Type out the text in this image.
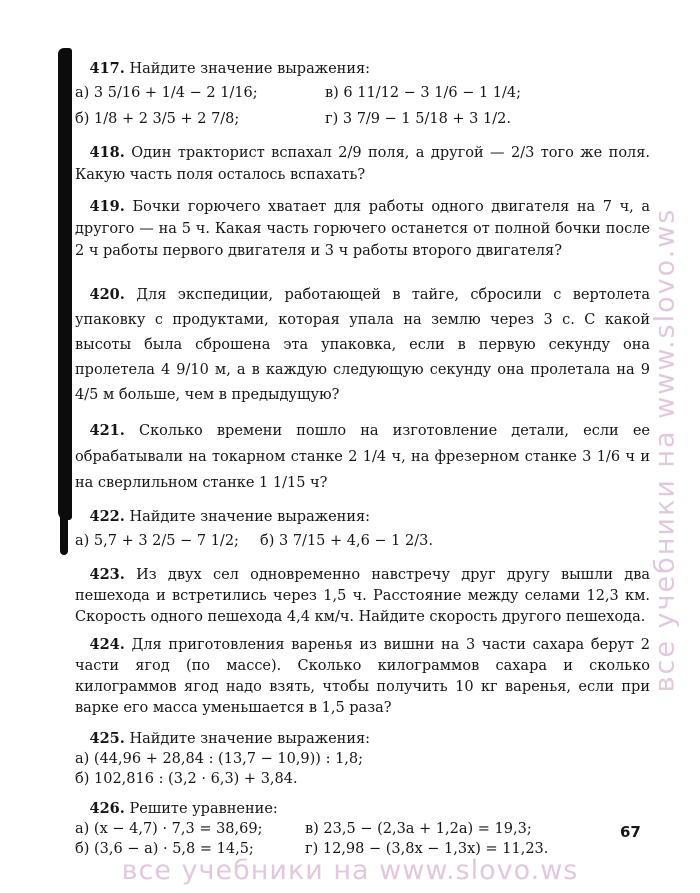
 417. Найдите значение выражения:

а) 3 5/16 + 1/4 − 2 1/16;	в) 6 11/12 − 3 1/6 − 1 1/4;
б) 1/8 + 2 3/5 + 2 7/8;	г) 3 7/9 − 1 5/18 + 3 1/2.

 418. Один тракторист вспахал 2/9 поля, а другой — 2/3 того же поля. Какую часть поля осталось вспахать?

 419. Бочки горючего хватает для работы одного двигателя на 7 ч, а другого — на 5 ч. Какая часть горючего останется от полной бочки после 2 ч работы первого двигателя и 3 ч работы второго двигателя?

 420. Для экспедиции, работающей в тайге, сбросили с вертолета упаковку с продуктами, которая упала на землю через 3 с. С какой высоты была сброшена эта упаковка, если в первую секунду она пролетела 4 9/10 м, а в каждую следующую секунду она пролетала на 9 4/5 м больше, чем в предыдущую?

 421. Сколько времени пошло на изготовление детали, если ее обрабатывали на токарном станке 2 1/4 ч, на фрезерном станке 3 1/6 ч и на сверлильном станке 1 1/15 ч?

 422. Найдите значение выражения:

а) 5,7 + 3 2/5 − 7 1/2;	б) 3 7/15 + 4,6 − 1 2/3.

 423. Из двух сел одновременно навстречу друг другу вышли два пешехода и встретились через 1,5 ч. Расстояние между селами 12,3 км. Скорость одного пешехода 4,4 км/ч. Найдите скорость другого пешехода.

 424. Для приготовления варенья из вишни на 3 части сахара берут 2 части ягод (по массе). Сколько килограммов сахара и сколько килограммов ягод надо взять, чтобы получить 10 кг варенья, если при варке его масса уменьшается в 1,5 раза?

 425. Найдите значение выражения:

а) (44,96 + 28,84 : (13,7 − 10,9)) : 1,8;
б) 102,816 : (3,2 · 6,3) + 3,84.

 426. Решите уравнение:

а) (x − 4,7) · 7,3 = 38,69;	в) 23,5 − (2,3a + 1,2a) = 19,3;
б) (3,6 − a) · 5,8 = 14,5;	г) 12,98 − (3,8x − 1,3x) = 11,23.
67
все учебники на www.slovo.ws
все учебники на www.slovo.ws
